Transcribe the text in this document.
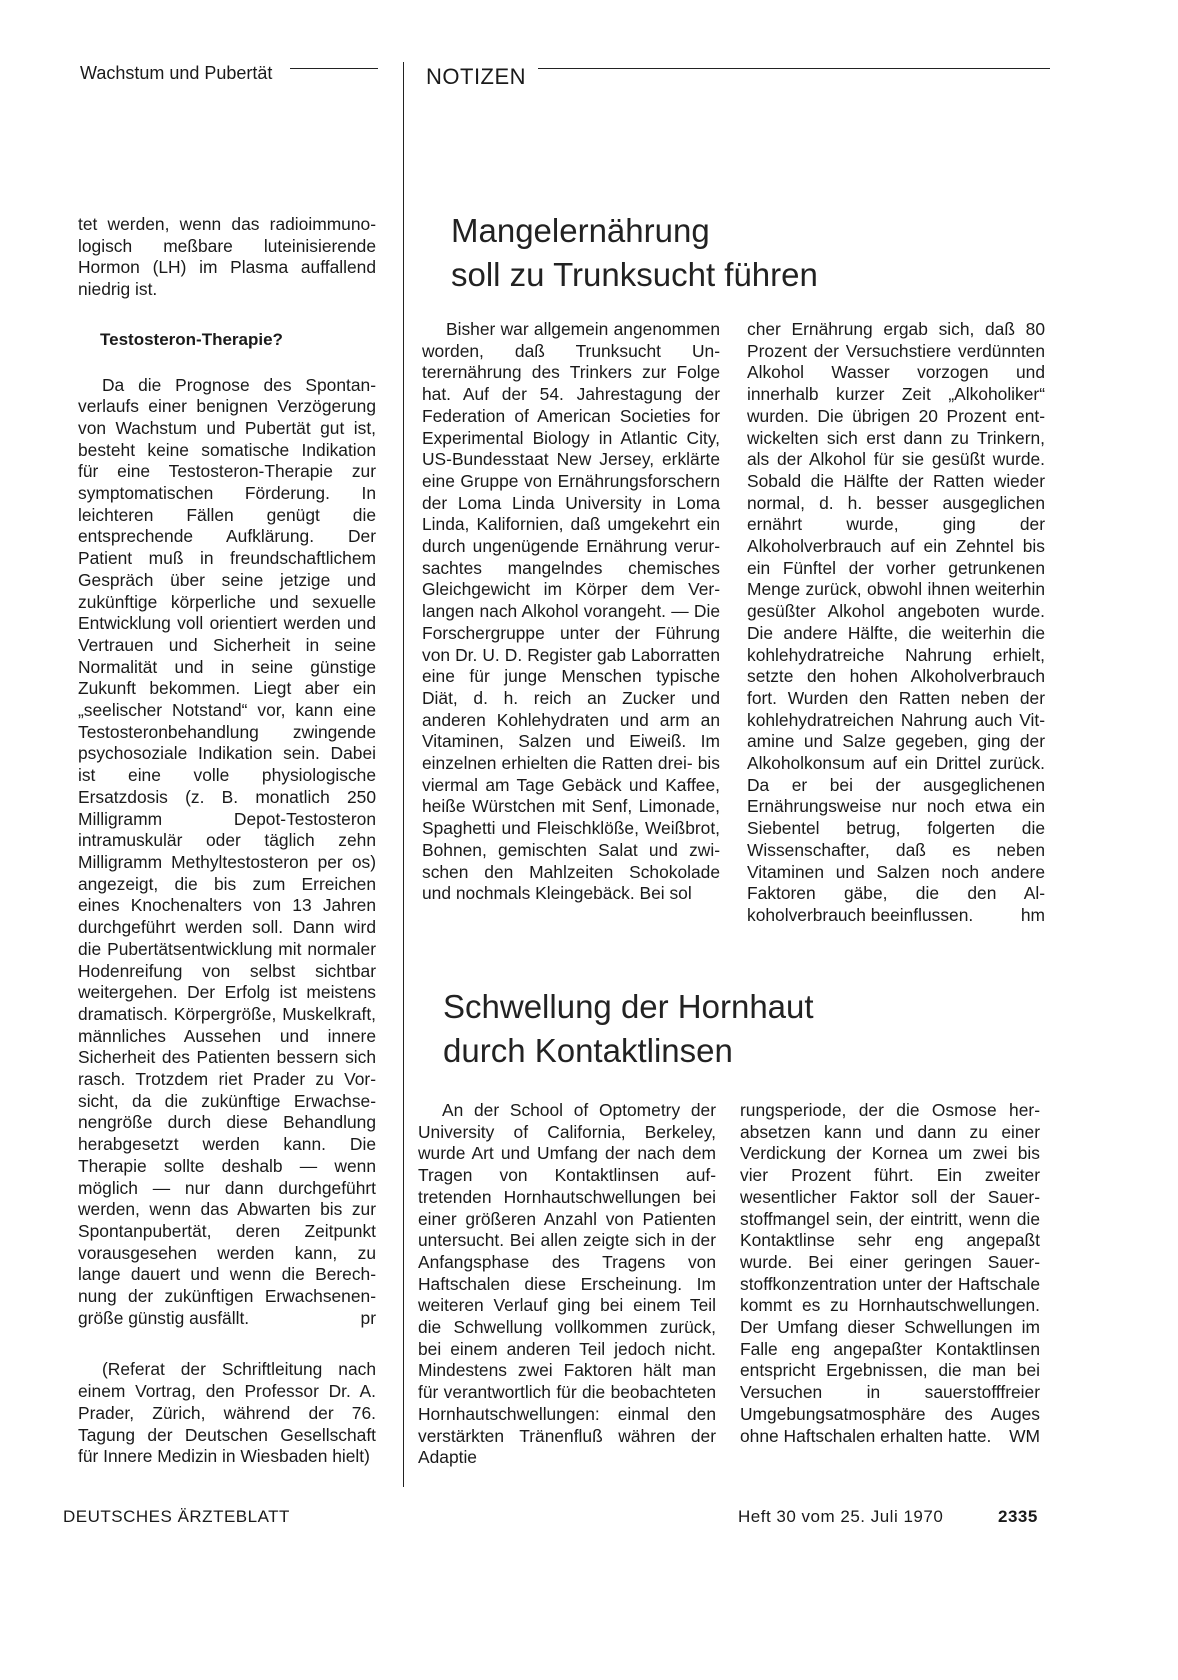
Wachstum und Pubertät	NOTIZEN

tet werden, wenn das radioimmunologisch meßbare luteinisierende Hormon (LH) im Plasma auffallend niedrig ist.

Testosteron-Therapie?

Da die Prognose des Spontanverlaufs einer benignen Verzögerung von Wachstum und Pubertät gut ist, besteht keine somatische Indikation für eine Testosteron-Therapie zur symptomatischen Förderung. In leichteren Fällen genügt die entsprechende Aufklärung. Der Patient muß in freundschaftlichem Gespräch über seine jetzige und zukünftige körperliche und sexuelle Entwicklung voll orientiert werden und Vertrauen und Sicherheit in seine Normalität und in seine günstige Zukunft bekommen. Liegt aber ein „seelischer Notstand“ vor, kann eine Testosteronbehandlung zwingende psychosoziale Indikation sein. Dabei ist eine volle physiologische Ersatzdosis (z. B. monatlich 250 Milligramm Depot-Testosteron intramuskulär oder täglich zehn Milligramm Methyltestosteron per os) angezeigt, die bis zum Erreichen eines Knochenalters von 13 Jahren durchgeführt werden soll. Dann wird die Pubertätsentwicklung mit normaler Hodenreifung von selbst sichtbar weitergehen. Der Erfolg ist meistens dramatisch. Körpergröße, Muskelkraft, männliches Aussehen und innere Sicherheit des Patienten bessern sich rasch. Trotzdem riet Prader zu Vorsicht, da die zukünftige Erwachsenengröße durch diese Behandlung herabgesetzt werden kann. Die Therapie sollte deshalb — wenn möglich — nur dann durchgeführt werden, wenn das Abwarten bis zur Spontanpubertät, deren Zeitpunkt vorausgesehen werden kann, zu lange dauert und wenn die Berechnung der zukünftigen Erwachsenengröße günstig ausfällt.	pr

(Referat der Schriftleitung nach einem Vortrag, den Professor Dr. A. Prader, Zürich, während der 76. Tagung der Deutschen Gesellschaft für Innere Medizin in Wiesbaden hielt)

Mangelernährung
soll zu Trunksucht führen
Bisher war allgemein angenommen worden, daß Trunksucht Unterernährung des Trinkers zur Folge hat. Auf der 54. Jahrestagung der Federation of American Societies for Experimental Biology in Atlantic City, US-Bundesstaat New Jersey, erklärte eine Gruppe von Ernährungsforschern der Loma Linda University in Loma Linda, Kalifornien, daß umgekehrt ein durch ungenügende Ernährung verursachtes mangelndes chemisches Gleichgewicht im Körper dem Verlangen nach Alkohol vorangeht. — Die Forschergruppe unter der Führung von Dr. U. D. Register gab Laborratten eine für junge Menschen typische Diät, d. h. reich an Zucker und anderen Kohlehydraten und arm an Vitaminen, Salzen und Eiweiß. Im einzelnen erhielten die Ratten drei- bis viermal am Tage Gebäck und Kaffee, heiße Würstchen mit Senf, Limonade, Spaghetti und Fleischklöße, Weißbrot, Bohnen, gemischten Salat und zwischen den Mahlzeiten Schokolade und nochmals Kleingebäck. Bei sol
cher Ernährung ergab sich, daß 80 Prozent der Versuchstiere verdünnten Alkohol Wasser vorzogen und innerhalb kurzer Zeit „Alkoholiker“ wurden. Die übrigen 20 Prozent entwickelten sich erst dann zu Trinkern, als der Alkohol für sie gesüßt wurde. Sobald die Hälfte der Ratten wieder normal, d. h. besser ausgeglichen ernährt wurde, ging der Alkoholverbrauch auf ein Zehntel bis ein Fünftel der vorher getrunkenen Menge zurück, obwohl ihnen weiterhin gesüßter Alkohol angeboten wurde. Die andere Hälfte, die weiterhin die kohlehydratreiche Nahrung erhielt, setzte den hohen Alkoholverbrauch fort. Wurden den Ratten neben der kohlehydratreichen Nahrung auch Vitamine und Salze gegeben, ging der Alkoholkonsum auf ein Drittel zurück. Da er bei der ausgeglichenen Ernährungsweise nur noch etwa ein Siebentel betrug, folgerten die Wissenschafter, daß es neben Vitaminen und Salzen noch andere Faktoren gäbe, die den Alkoholverbrauch beeinflussen.	hm
Schwellung der Hornhaut
durch Kontaktlinsen
An der School of Optometry der University of California, Berkeley, wurde Art und Umfang der nach dem Tragen von Kontaktlinsen auftretenden Hornhautschwellungen bei einer größeren Anzahl von Patienten untersucht. Bei allen zeigte sich in der Anfangsphase des Tragens von Haftschalen diese Erscheinung. Im weiteren Verlauf ging bei einem Teil die Schwellung vollkommen zurück, bei einem anderen Teil jedoch nicht. Mindestens zwei Faktoren hält man für verantwortlich für die beobachteten Hornhautschwellungen: einmal den verstärkten Tränenfluß währen der Adaptie
rungsperiode, der die Osmose herabsetzen kann und dann zu einer Verdickung der Kornea um zwei bis vier Prozent führt. Ein zweiter wesentlicher Faktor soll der Sauerstoffmangel sein, der eintritt, wenn die Kontaktlinse sehr eng angepaßt wurde. Bei einer geringen Sauerstoffkonzentration unter der Haftschale kommt es zu Hornhautschwellungen. Der Umfang dieser Schwellungen im Falle eng angepaßter Kontaktlinsen entspricht Ergebnissen, die man bei Versuchen in sauerstofffreier Umgebungsatmosphäre des Auges ohne Haftschalen erhalten hatte. WM
DEUTSCHES ÄRZTEBLATT	Heft 30 vom 25. Juli 1970	2335
